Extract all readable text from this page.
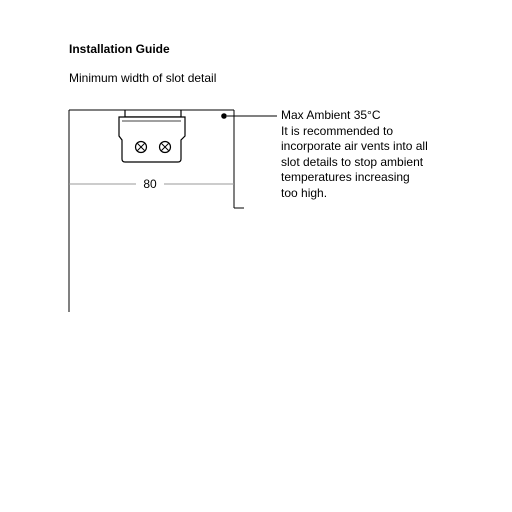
Installation Guide
Minimum width of slot detail
80
Max Ambient 35°C
It is recommended to
incorporate air vents into all
slot details to stop ambient
temperatures increasing
too high.
